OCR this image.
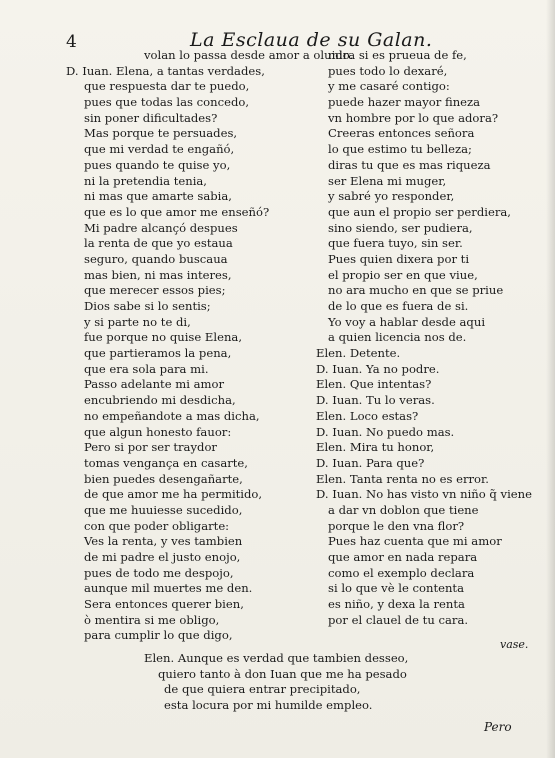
4	La Esclaua de su Galan.
volan lo passa desde amor a oluido.
D. Iuan. Elena, a tantas verdades,
que respuesta dar te puedo,
pues que todas las concedo,
sin poner dificultades?
Mas porque te persuades,
que mi verdad te engañó,
pues quando te quise yo,
ni la pretendia tenia,
ni mas que amarte sabia,
que es lo que amor me enseñó?
Mi padre alcançó despues
la renta de que yo estaua
seguro, quando buscaua
mas bien, ni mas interes,
que merecer essos pies;
Dios sabe si lo sentis;
y si parte no te di,
fue porque no quise Elena,
que partieramos la pena,
que era sola para mi.
Passo adelante mi amor
encubriendo mi desdicha,
no empeñandote a mas dicha,
que algun honesto fauor:
Pero si por ser traydor
tomas vengança en casarte,
bien puedes desengañarte,
de que amor me ha permitido,
que me huuiesse sucedido,
con que poder obligarte:
Ves la renta, y ves tambien
de mi padre el justo enojo,
pues de todo me despojo,
aunque mil muertes me den.
Sera entonces querer bien,
ò mentira si me obligo,
para cumplir lo que digo,
mira si es prueua de fe,
pues todo lo dexaré,
y me casaré contigo:
puede hazer mayor fineza
vn hombre por lo que adora?
Creeras entonces señora
lo que estimo tu belleza;
diras tu que es mas riqueza
ser Elena mi muger,
y sabré yo responder,
que aun el propio ser perdiera,
sino siendo, ser pudiera,
que fuera tuyo, sin ser.
Pues quien dixera por ti
el propio ser en que viue,
no ara mucho en que se priue
de lo que es fuera de si.
Yo voy a hablar desde aqui
a quien licencia nos de.
Elen. Detente.
D. Iuan. Ya no podre.
Elen. Que intentas?
D. Iuan. Tu lo veras.
Elen. Loco estas?
D. Iuan. No puedo mas.
Elen. Mira tu honor,
D. Iuan. Para que?
Elen. Tanta renta no es error.
D. Iuan. No has visto vn niño q̃ viene
a dar vn doblon que tiene
porque le den vna flor?
Pues haz cuenta que mi amor
que amor en nada repara
como el exemplo declara
si lo que vè le contenta
es niño, y dexa la renta
por el clauel de tu cara.
Elen. Aunque es verdad que tambien desseo,
quiero tanto à don Iuan que me ha pesado
de que quiera entrar precipitado,
esta locura por mi humilde empleo.
vase.
Pero
